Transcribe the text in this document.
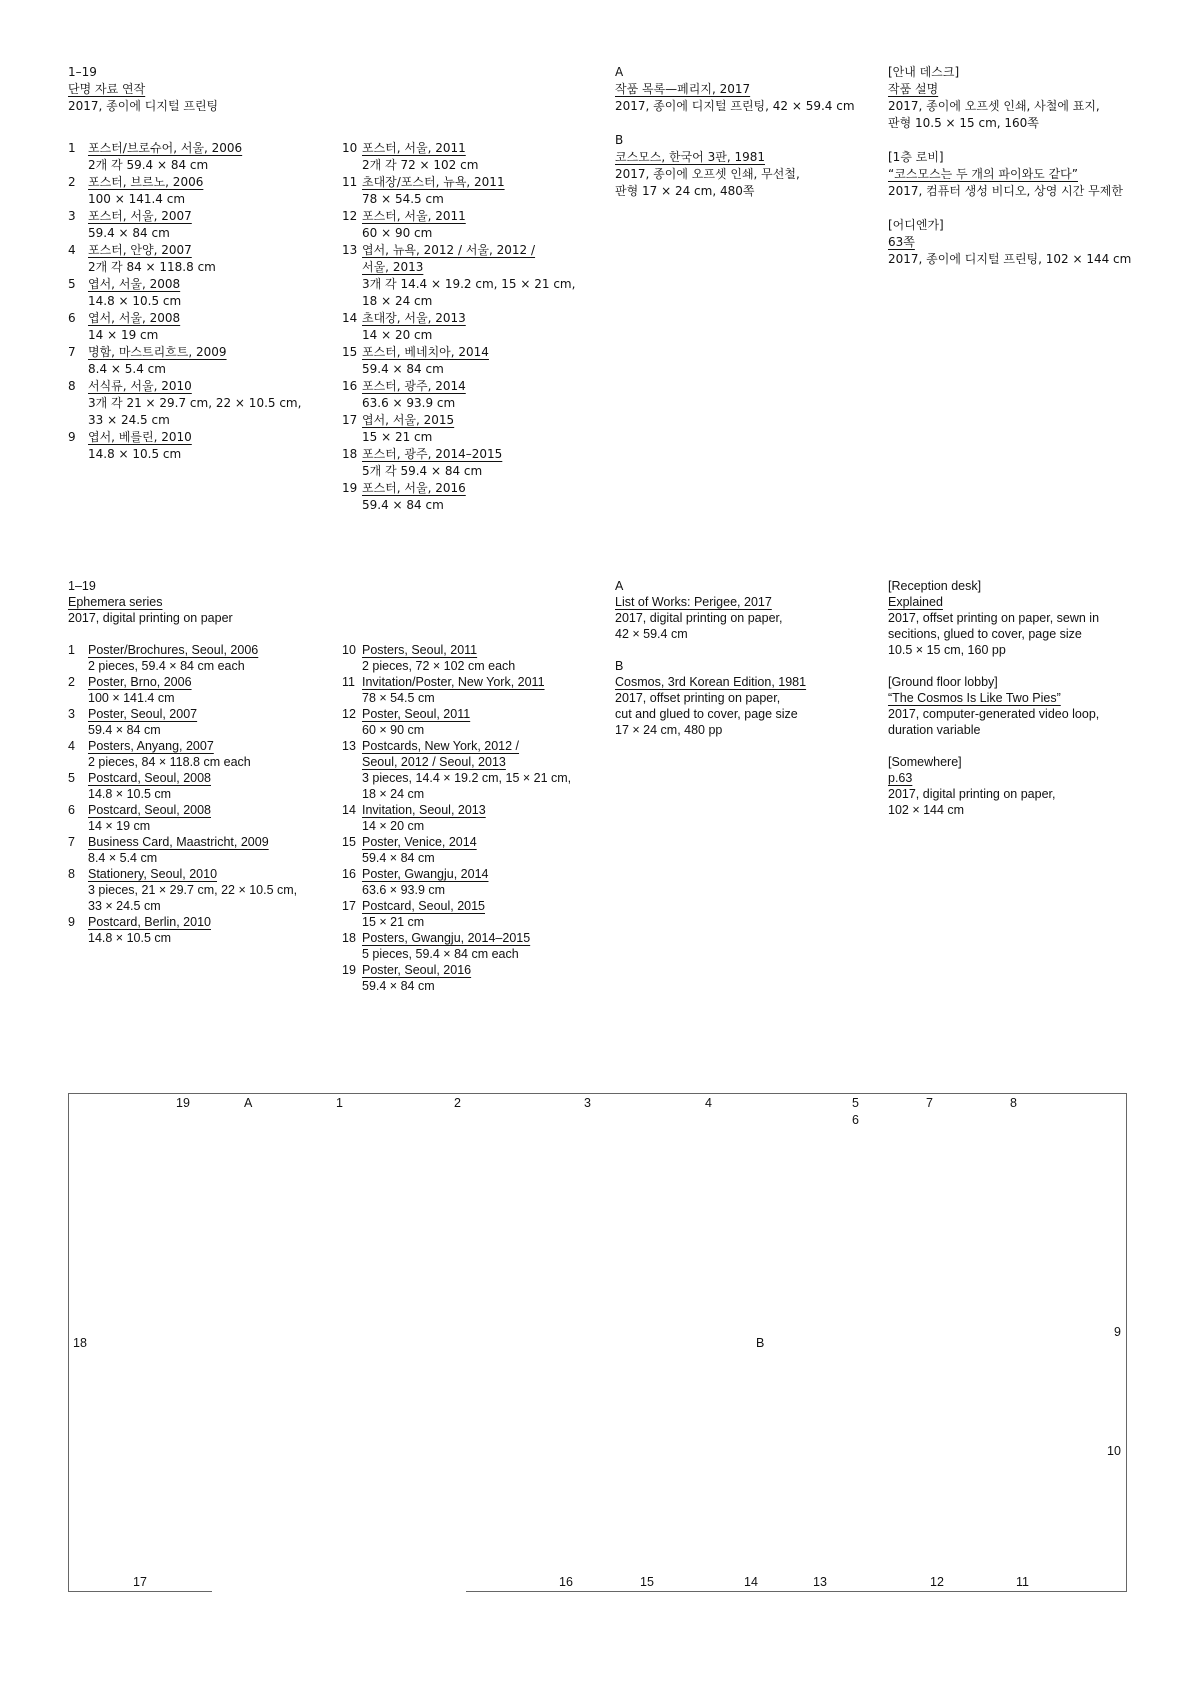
1–19
단명 자료 연작
2017, 종이에 디지털 프린팅
1 포스터/브로슈어, 서울, 2006
2개 각 59.4 × 84 cm
2 포스터, 브르노, 2006
100 × 141.4 cm
3 포스터, 서울, 2007
59.4 × 84 cm
4 포스터, 안양, 2007
2개 각 84 × 118.8 cm
5 엽서, 서울, 2008
14.8 × 10.5 cm
6 엽서, 서울, 2008
14 × 19 cm
7 명함, 마스트리흐트, 2009
8.4 × 5.4 cm
8 서식류, 서울, 2010
3개 각 21 × 29.7 cm, 22 × 10.5 cm,
33 × 24.5 cm
9 엽서, 베를린, 2010
14.8 × 10.5 cm
10 포스터, 서울, 2011
2개 각 72 × 102 cm
11 초대장/포스터, 뉴욕, 2011
78 × 54.5 cm
12 포스터, 서울, 2011
60 × 90 cm
13 엽서, 뉴욕, 2012 / 서울, 2012 /
서울, 2013
3개 각 14.4 × 19.2 cm, 15 × 21 cm,
18 × 24 cm
14 초대장, 서울, 2013
14 × 20 cm
15 포스터, 베네치아, 2014
59.4 × 84 cm
16 포스터, 광주, 2014
63.6 × 93.9 cm
17 엽서, 서울, 2015
15 × 21 cm
18 포스터, 광주, 2014–2015
5개 각 59.4 × 84 cm
19 포스터, 서울, 2016
59.4 × 84 cm
A
작품 목록—페리지, 2017
2017, 종이에 디지털 프린팅, 42 × 59.4 cm
B
코스모스, 한국어 3판, 1981
2017, 종이에 오프셋 인쇄, 무선철,
판형 17 × 24 cm, 480쪽
[안내 데스크]
작품 설명
2017, 종이에 오프셋 인쇄, 사철에 표지,
판형 10.5 × 15 cm, 160쪽
[1층 로비]
“코스모스는 두 개의 파이와도 같다”
2017, 컴퓨터 생성 비디오, 상영 시간 무제한
[어디엔가]
63쪽
2017, 종이에 디지털 프린팅, 102 × 144 cm
1–19
Ephemera series
2017, digital printing on paper
1 Poster/Brochures, Seoul, 2006
2 pieces, 59.4 × 84 cm each
2 Poster, Brno, 2006
100 × 141.4 cm
3 Poster, Seoul, 2007
59.4 × 84 cm
4 Posters, Anyang, 2007
2 pieces, 84 × 118.8 cm each
5 Postcard, Seoul, 2008
14.8 × 10.5 cm
6 Postcard, Seoul, 2008
14 × 19 cm
7 Business Card, Maastricht, 2009
8.4 × 5.4 cm
8 Stationery, Seoul, 2010
3 pieces, 21 × 29.7 cm, 22 × 10.5 cm,
33 × 24.5 cm
9 Postcard, Berlin, 2010
14.8 × 10.5 cm
10 Posters, Seoul, 2011
2 pieces, 72 × 102 cm each
11 Invitation/Poster, New York, 2011
78 × 54.5 cm
12 Poster, Seoul, 2011
60 × 90 cm
13 Postcards, New York, 2012 /
Seoul, 2012 / Seoul, 2013
3 pieces, 14.4 × 19.2 cm, 15 × 21 cm,
18 × 24 cm
14 Invitation, Seoul, 2013
14 × 20 cm
15 Poster, Venice, 2014
59.4 × 84 cm
16 Poster, Gwangju, 2014
63.6 × 93.9 cm
17 Postcard, Seoul, 2015
15 × 21 cm
18 Posters, Gwangju, 2014–2015
5 pieces, 59.4 × 84 cm each
19 Poster, Seoul, 2016
59.4 × 84 cm
A
List of Works: Perigee, 2017
2017, digital printing on paper,
42 × 59.4 cm
B
Cosmos, 3rd Korean Edition, 1981
2017, offset printing on paper,
cut and glued to cover, page size
17 × 24 cm, 480 pp
[Reception desk]
Explained
2017, offset printing on paper, sewn in
secitions, glued to cover, page size
10.5 × 15 cm, 160 pp
[Ground floor lobby]
“The Cosmos Is Like Two Pies”
2017, computer-generated video loop,
duration variable
[Somewhere]
p.63
2017, digital printing on paper,
102 × 144 cm
19	A	1	2	3	4	5
6
7	8
18	B
9
10
17	16	15	14	13	12	11
